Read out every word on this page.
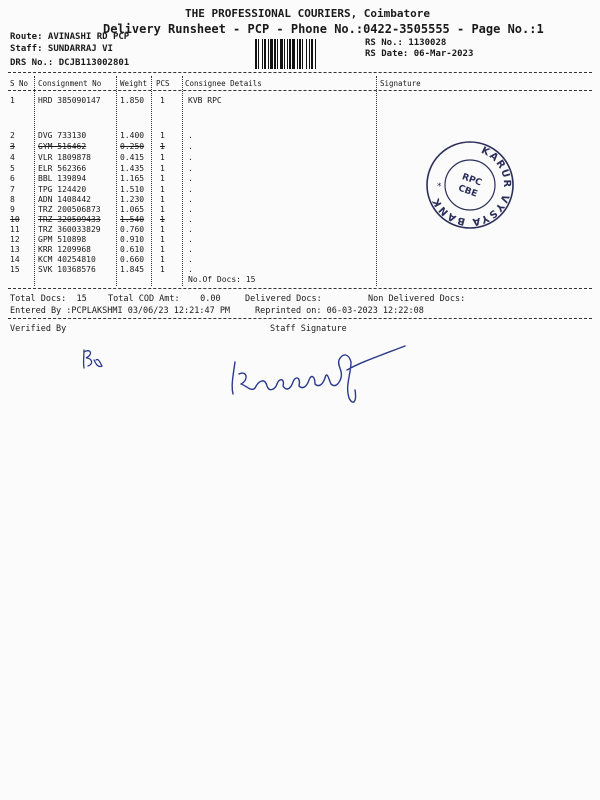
THE PROFESSIONAL COURIERS, Coimbatore
Delivery Runsheet - PCP - Phone No.:0422-3505555 - Page No.:1
Route: AVINASHI RD PCP
Staff: SUNDARRAJ VI
DRS No.: DCJB113002801
RS No.: 1130028
RS Date: 06-Mar-2023
S No Consignment No	Weight PCS Consignee Details	Signature
1	HRD 385090147 1.850 1	KVB RPC
2	DVG 733130	1.400 1	.
3	GYM 516462	0.250 1	.
4	VLR 1809878	0.415 1	.
5	ELR 562366	1.435 1	.
6	BBL 139894	1.165 1	.
7	TPG 124420	1.510 1	.
8	ADN 1408442	1.230 1	.
9	TRZ 200506873 1.065 1	.
10 TRZ 320509433 1.540 1	.
11 TRZ 360033829 0.760 1	.
12 GPM 510898	0.910 1	.
13 KRR 1209968	0.610 1	.
14 KCM 40254810	0.660 1	.
15 SVK 10368576	1.845 1	.
No.Of Docs: 15
Total Docs:  15 Total COD Amt:    0.00	Delivered Docs:	Non Delivered Docs:
Entered By :PCPLAKSHMI 03/06/23 12:21:47 PM	Reprinted on: 06-03-2023 12:22:08
Verified By	Staff Signature
KARUR VYSYA BANK
* RPC
CBE
